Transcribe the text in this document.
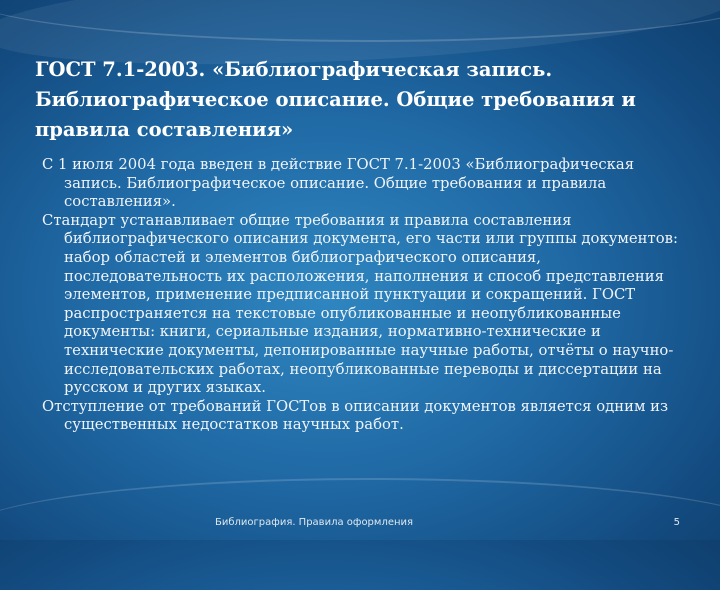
ГОСТ 7.1-2003. «Библиографическая запись. Библиографическое описание. Общие требования и правила составления»
С 1 июля 2004 года введен в действие ГОСТ 7.1-2003 «Библиографическая запись. Библиографическое описание. Общие требования и правила составления».
Стандарт устанавливает общие требования и правила составления библиографического описания документа, его части или группы документов: набор областей и элементов библиографического описания, последовательность их расположения, наполнения и способ представления элементов, применение предписанной пунктуации и сокращений. ГОСТ распространяется на текстовые опубликованные и неопубликованные документы: книги, сериальные издания, нормативно-технические и технические документы, депонированные научные работы, отчёты о научно-исследовательских работах, неопубликованные переводы и диссертации на русском и других языках.
Отступление от требований ГОСТов в описании документов является одним из существенных недостатков научных работ.
Библиография. Правила оформления	5
